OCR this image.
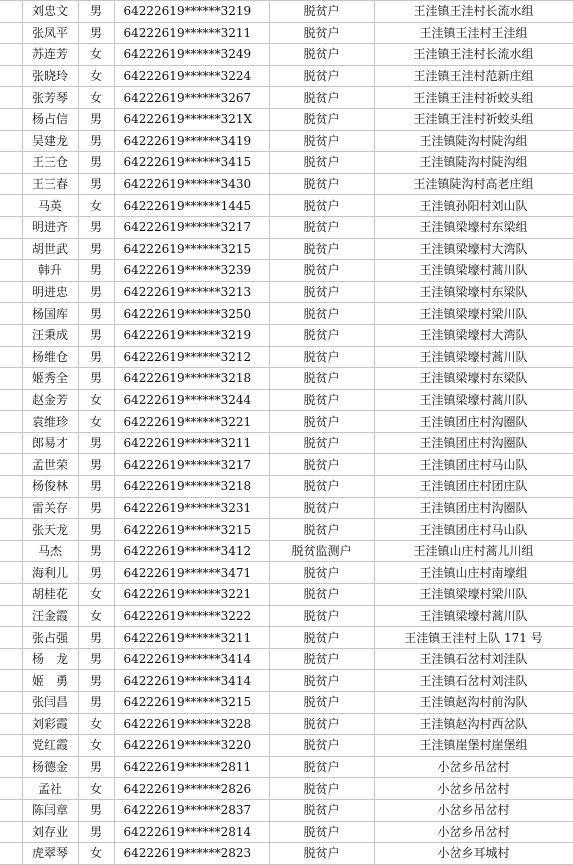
	刘忠文	男	64222619******3219	脱贫户	王洼镇王洼村长流水组
	张凤平	男	64222619******3211	脱贫户	王洼镇王洼村王洼组
	苏连芳	女	64222619******3249	脱贫户	王洼镇王洼村长流水组
	张晓玲	女	64222619******3224	脱贫户	王洼镇王洼村范新庄组
	张芳琴	女	64222619******3267	脱贫户	王洼镇王洼村祈蛟头组
	杨占信	男	64222619******321X	脱贫户	王洼镇王洼村祈蛟头组
	吴建龙	男	64222619******3419	脱贫户	王洼镇陡沟村陡沟组
	王三仓	男	64222619******3415	脱贫户	王洼镇陡沟村陡沟组
	王三春	男	64222619******3430	脱贫户	王洼镇陡沟村高老庄组
	马英	女	64222619******1445	脱贫户	王洼镇孙阳村刘山队
	明进齐	男	64222619******3217	脱贫户	王洼镇梁壕村东梁组
	胡世武	男	64222619******3215	脱贫户	王洼镇梁壕村大湾队
	韩升	男	64222619******3239	脱贫户	王洼镇梁壕村蒿川队
	明进忠	男	64222619******3213	脱贫户	王洼镇梁壕村东梁队
	杨国库	男	64222619******3250	脱贫户	王洼镇梁壕村梁川队
	汪秉成	男	64222619******3219	脱贫户	王洼镇梁壕村大湾队
	杨维仓	男	64222619******3212	脱贫户	王洼镇梁壕村蒿川队
	姬秀全	男	64222619******3218	脱贫户	王洼镇梁壕村东梁队
	赵金芳	女	64222619******3244	脱贫户	王洼镇梁壕村蒿川队
	袁维珍	女	64222619******3221	脱贫户	王洼镇团庄村沟圈队
	郎易才	男	64222619******3211	脱贫户	王洼镇团庄村沟圈队
	孟世荣	男	64222619******3217	脱贫户	王洼镇团庄村马山队
	杨俊林	男	64222619******3218	脱贫户	王洼镇团庄村团庄队
	雷关存	男	64222619******3231	脱贫户	王洼镇团庄村沟圈队
	张天龙	男	64222619******3215	脱贫户	王洼镇团庄村马山队
	马杰	男	64222619******3412	脱贫监测户	王洼镇山庄村蒿儿川组
	海利儿	男	64222619******3471	脱贫户	王洼镇山庄村南壕组
	胡桂花	女	64222619******3221	脱贫户	王洼镇梁壕村梁川队
	汪金霞	女	64222619******3222	脱贫户	王洼镇梁壕村蒿川队
	张占强	男	64222619******3211	脱贫户	王洼镇王洼村上队 171 号
	杨　龙	男	64222619******3414	脱贫户	王洼镇石岔村刘洼队
	姬　勇	男	64222619******3414	脱贫户	王洼镇石岔村刘洼队
	张闫昌	男	64222619******3215	脱贫户	王洼镇赵沟村前沟队
	刘彩霞	女	64222619******3228	脱贫户	王洼镇赵沟村西岔队
	党红霞	女	64222619******3220	脱贫户	王洼镇崖堡村崖堡组
	杨德金	男	64222619******2811	脱贫户	小岔乡吊岔村
	孟社	女	64222619******2826	脱贫户	小岔乡吊岔村
	陈闫章	男	64222619******2837	脱贫户	小岔乡吊岔村
	刘存业	男	64222619******2814	脱贫户	小岔乡吊岔村
	虎翠琴	女	64222619******2823	脱贫户	小岔乡耳城村
